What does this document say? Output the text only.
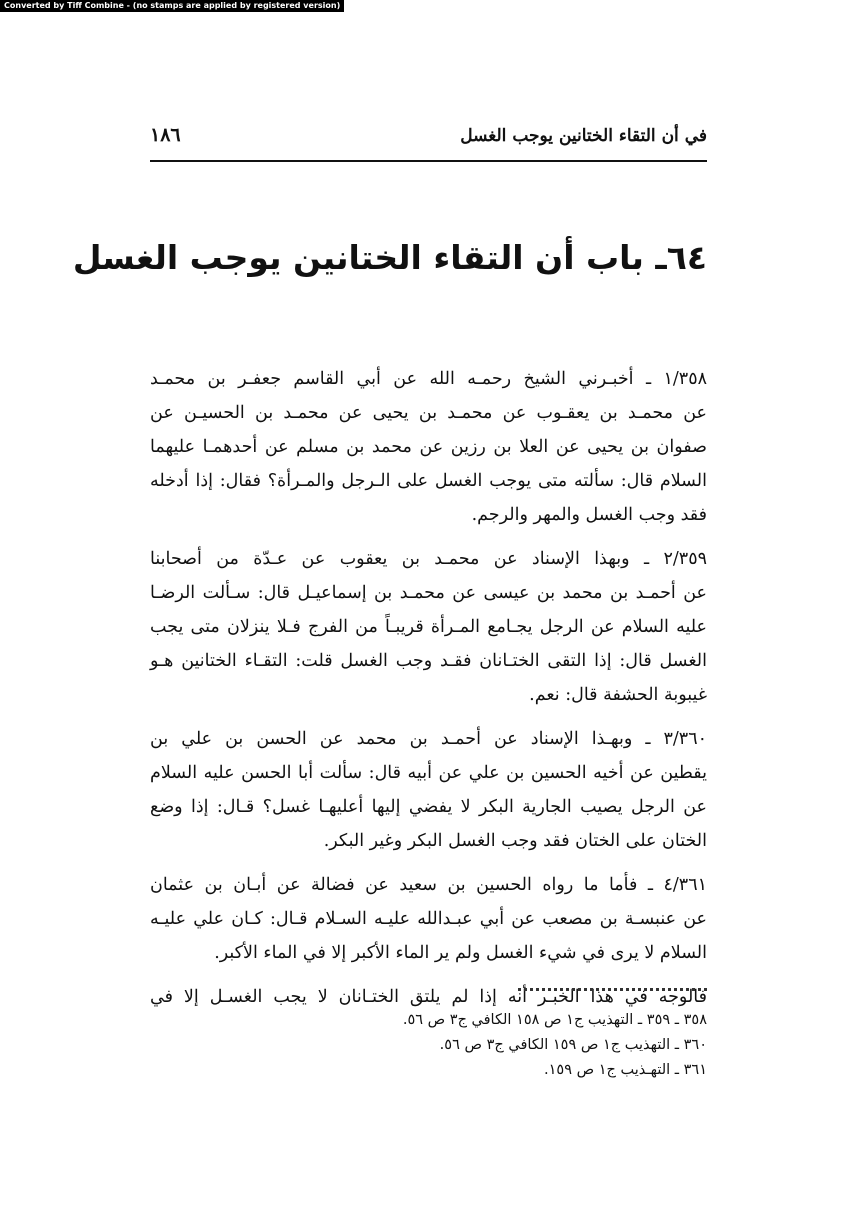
Converted by Tiff Combine - (no stamps are applied by registered version)
في أن التقاء الختانين يوجب الغسل
١٨٦
٦٤ـ باب أن التقاء الختانين يوجب الغسل
١/٣٥٨ ـ أخبـرني الشيخ رحمـه الله عن أبي القاسم جعفـر بن محمـد
عن محمـد بن يعقـوب عن محمـد بن يحيى عن محمـد بن الحسيـن عن
صفوان بن يحيى عن العلا بن رزين عن محمد بن مسلم عن أحدهمـا عليهما
السلام قال: سألته متى يوجب الغسل على الـرجل والمـرأة؟ فقال: إذا أدخله
فقد وجب الغسل والمهر والرجم.
٢/٣٥٩ ـ وبهذا الإسناد عن محمـد بن يعقوب عن عـدّة من أصحابنا
عن أحمـد بن محمد بن عيسى عن محمـد بن إسماعيـل قال: سـألت الرضـا
عليه السلام عن الرجل يجـامع المـرأة قريبـاً من الفرج فـلا ينزلان متى يجب
الغسل قال: إذا التقى الختـانان فقـد وجب الغسل قلت: التقـاء الختانين هـو
غيبوبة الحشفة قال: نعم.
٣/٣٦٠ ـ وبهـذا الإسناد عن أحمـد بن محمد عن الحسن بن علي بن
يقطين عن أخيه الحسين بن علي عن أبيه قال: سألت أبا الحسن عليه السلام
عن الرجل يصيب الجارية البكر لا يفضي إليها أعليهـا غسل؟ قـال: إذا وضع
الختان على الختان فقد وجب الغسل البكر وغير البكر.
٤/٣٦١ ـ فأما ما رواه الحسين بن سعيد عن فضالة عن أبـان بن عثمان
عن عنبسـة بن مصعب عن أبي عبـدالله عليـه السـلام قـال: كـان علي عليـه
السلام لا يرى في شيء الغسل ولم ير الماء الأكبر إلا في الماء الأكبر.
فالوجه في هذا الخبـر أنه إذا لم يلتق الختـانان لا يجب الغسـل إلا في
٣٥٨ ـ ٣٥٩ ـ التهذيب ج١ ص ١٥٨ الكافي ج٣ ص ٥٦.
٣٦٠ ـ التهذيب ج١ ص ١٥٩ الكافي ج٣ ص ٥٦.
٣٦١ ـ التهـذيب ج١ ص ١٥٩.
